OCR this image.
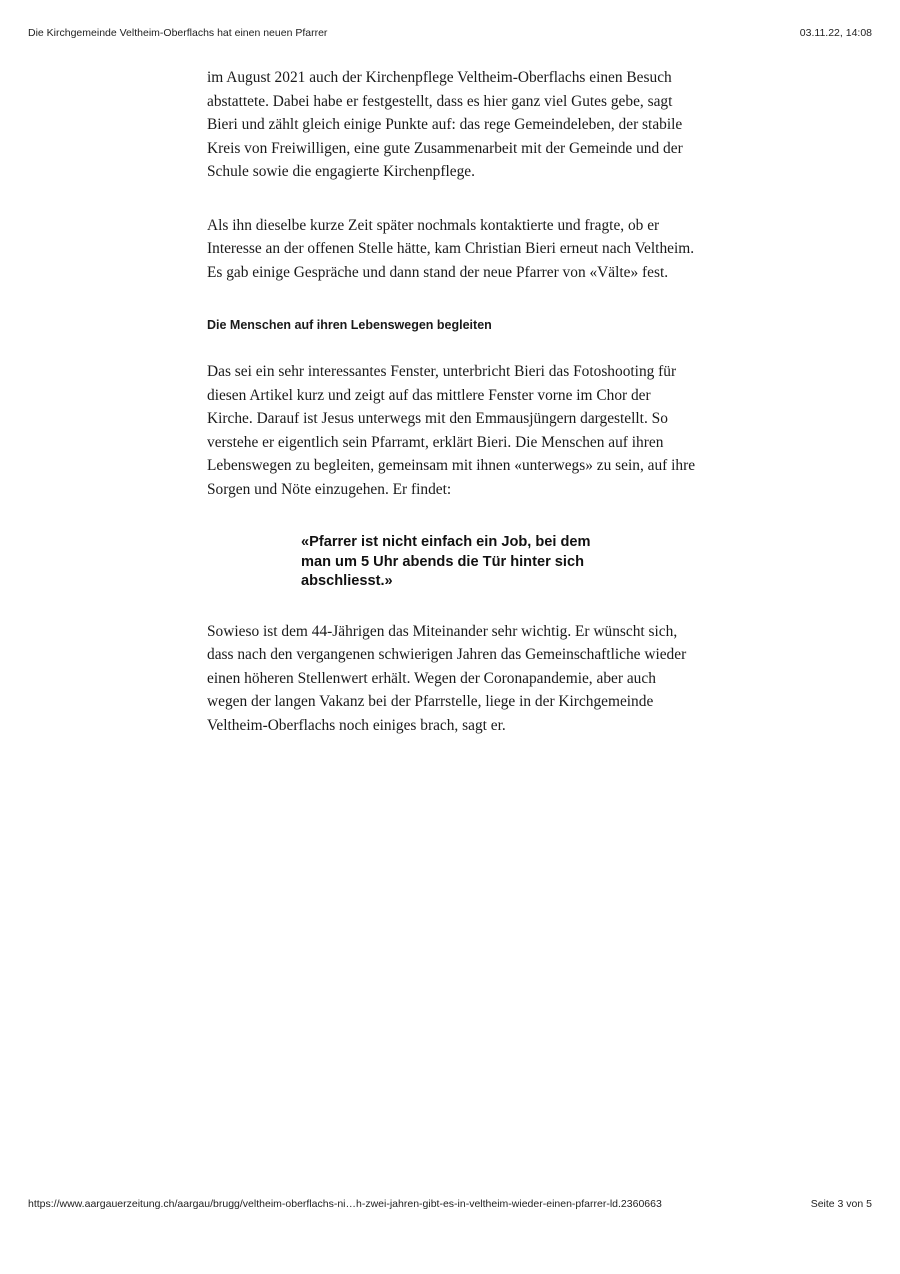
Die Kirchgemeinde Veltheim-Oberflachs hat einen neuen Pfarrer	03.11.22, 14:08

im August 2021 auch der Kirchenpflege Veltheim-Oberflachs einen Besuch abstattete. Dabei habe er festgestellt, dass es hier ganz viel Gutes gebe, sagt Bieri und zählt gleich einige Punkte auf: das rege Gemeindeleben, der stabile Kreis von Freiwilligen, eine gute Zusammenarbeit mit der Gemeinde und der Schule sowie die engagierte Kirchenpflege.

Als ihn dieselbe kurze Zeit später nochmals kontaktierte und fragte, ob er Interesse an der offenen Stelle hätte, kam Christian Bieri erneut nach Veltheim. Es gab einige Gespräche und dann stand der neue Pfarrer von «Välte» fest.

Die Menschen auf ihren Lebenswegen begleiten

Das sei ein sehr interessantes Fenster, unterbricht Bieri das Fotoshooting für diesen Artikel kurz und zeigt auf das mittlere Fenster vorne im Chor der Kirche. Darauf ist Jesus unterwegs mit den Emmausjüngern dargestellt. So verstehe er eigentlich sein Pfarramt, erklärt Bieri. Die Menschen auf ihren Lebenswegen zu begleiten, gemeinsam mit ihnen «unterwegs» zu sein, auf ihre Sorgen und Nöte einzugehen. Er findet:

«Pfarrer ist nicht einfach ein Job, bei dem man um 5 Uhr abends die Tür hinter sich abschliesst.»

Sowieso ist dem 44-Jährigen das Miteinander sehr wichtig. Er wünscht sich, dass nach den vergangenen schwierigen Jahren das Gemeinschaftliche wieder einen höheren Stellenwert erhält. Wegen der Coronapandemie, aber auch wegen der langen Vakanz bei der Pfarrstelle, liege in der Kirchgemeinde Veltheim-Oberflachs noch einiges brach, sagt er.

https://www.aargauerzeitung.ch/aargau/brugg/veltheim-oberflachs-ni…h-zwei-jahren-gibt-es-in-veltheim-wieder-einen-pfarrer-ld.2360663	Seite 3 von 5
